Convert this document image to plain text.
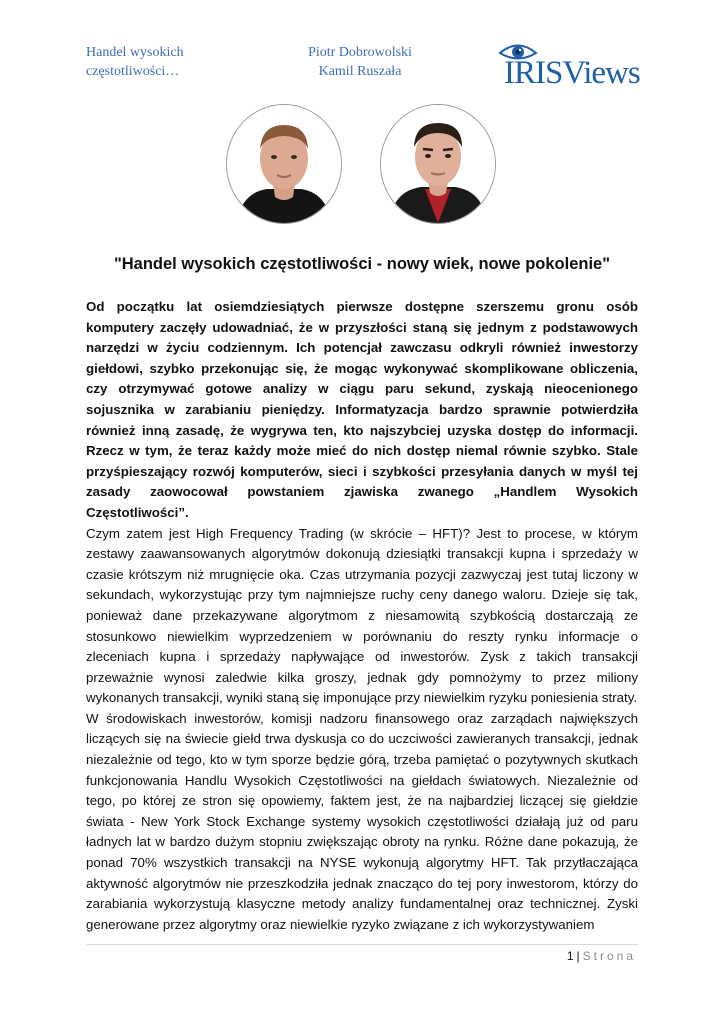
Handel wysokich
częstotliwości…
Piotr Dobrowolski
Kamil Ruszała	IRISViews
"Handel wysokich częstotliwości - nowy wiek, nowe pokolenie"

Od początku lat osiemdziesiątych pierwsze dostępne szerszemu gronu osób komputery zaczęły udowadniać, że w przyszłości staną się jednym z podstawowych narzędzi w życiu codziennym. Ich potencjał zawczasu odkryli również inwestorzy giełdowi, szybko przekonując się, że mogąc wykonywać skomplikowane obliczenia, czy otrzymywać gotowe analizy w ciągu paru sekund, zyskają nieocenionego sojusznika w zarabianiu pieniędzy. Informatyzacja bardzo sprawnie potwierdziła również inną zasadę, że wygrywa ten, kto najszybciej uzyska dostęp do informacji. Rzecz w tym, że teraz każdy może mieć do nich dostęp niemal równie szybko. Stale przyśpieszający rozwój komputerów, sieci i szybkości przesyłania danych w myśl tej zasady zaowocował powstaniem zjawiska zwanego „Handlem Wysokich Częstotliwości”.

Czym zatem jest High Frequency Trading (w skrócie – HFT)? Jest to procese, w którym zestawy zaawansowanych algorytmów dokonują dziesiątki transakcji kupna i sprzedaży w czasie krótszym niż mrugnięcie oka. Czas utrzymania pozycji zazwyczaj jest tutaj liczony w sekundach, wykorzystując przy tym najmniejsze ruchy ceny danego waloru. Dzieje się tak, ponieważ dane przekazywane algorytmom z niesamowitą szybkością dostarczają ze stosunkowo niewielkim wyprzedzeniem w porównaniu do reszty rynku informacje o zleceniach kupna i sprzedaży napływające od inwestorów. Zysk z takich transakcji przeważnie wynosi zaledwie kilka groszy, jednak gdy pomnożymy to przez miliony wykonanych transakcji, wyniki staną się imponujące przy niewielkim ryzyku poniesienia straty.

W środowiskach inwestorów, komisji nadzoru finansowego oraz zarządach największych liczących się na świecie giełd trwa dyskusja co do uczciwości zawieranych transakcji, jednak niezależnie od tego, kto w tym sporze będzie górą, trzeba pamiętać o pozytywnych skutkach funkcjonowania Handlu Wysokich Częstotliwości na giełdach światowych. Niezależnie od tego, po której ze stron się opowiemy, faktem jest, że na najbardziej liczącej się giełdzie świata - New York Stock Exchange systemy wysokich częstotliwości działają już od paru ładnych lat w bardzo dużym stopniu zwiększając obroty na rynku. Różne dane pokazują, że ponad 70% wszystkich transakcji na NYSE wykonują algorytmy HFT. Tak przytłaczająca aktywność algorytmów nie przeszkodziła jednak znacząco do tej pory inwestorom, którzy do zarabiania wykorzystują klasyczne metody analizy fundamentalnej oraz technicznej. Zyski generowane przez algorytmy oraz niewielkie ryzyko związane z ich wykorzystywaniem

1 | Strona
